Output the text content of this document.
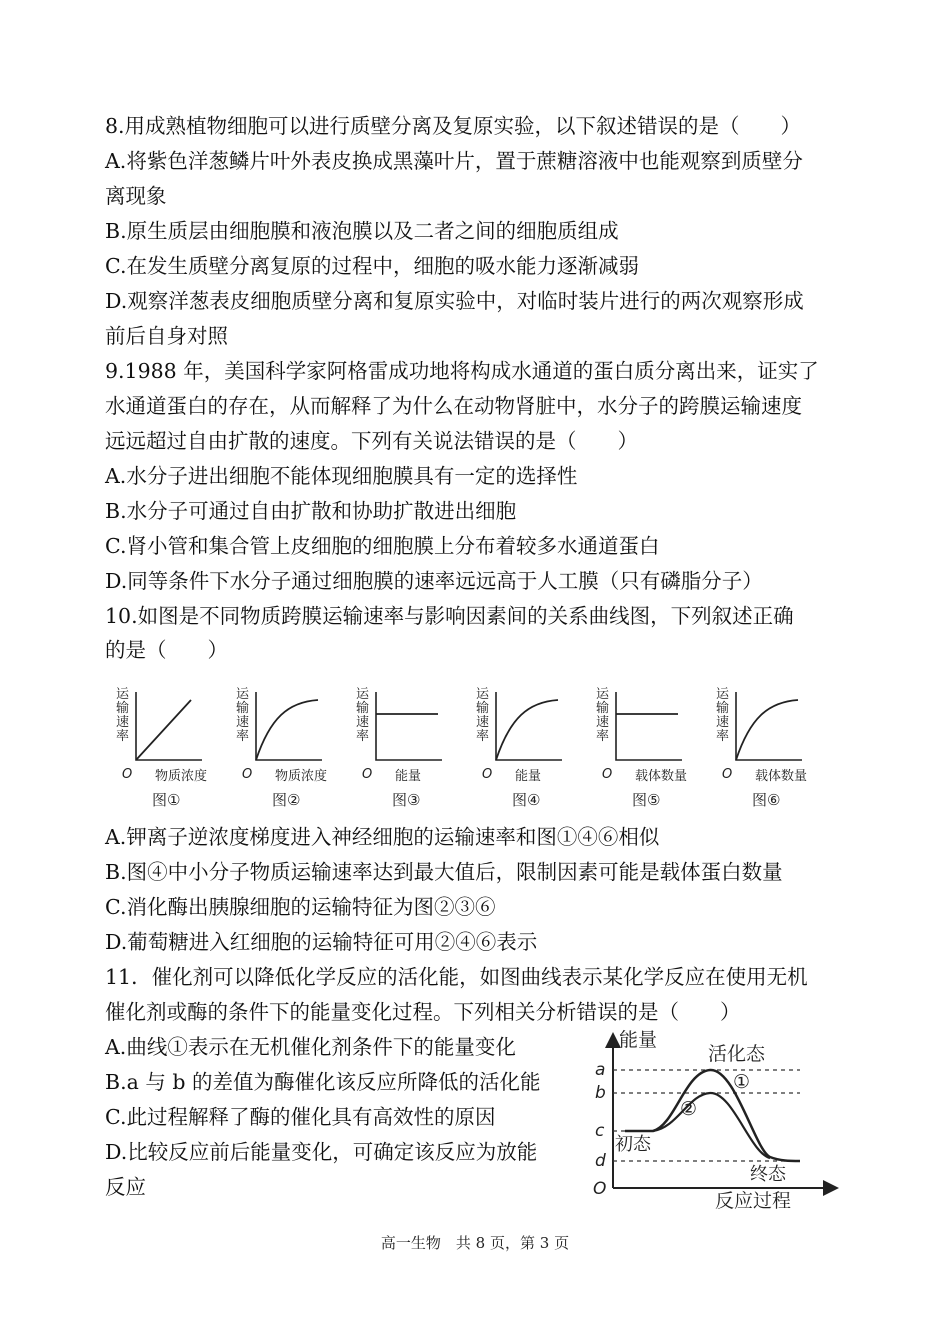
8.用成熟植物细胞可以进行质壁分离及复原实验，以下叙述错误的是（　　）
A.将紫色洋葱鳞片叶外表皮换成黑藻叶片，置于蔗糖溶液中也能观察到质壁分
离现象
B.原生质层由细胞膜和液泡膜以及二者之间的细胞质组成
C.在发生质壁分离复原的过程中，细胞的吸水能力逐渐减弱
D.观察洋葱表皮细胞质壁分离和复原实验中，对临时装片进行的两次观察形成
前后自身对照
9.1988 年，美国科学家阿格雷成功地将构成水通道的蛋白质分离出来，证实了
水通道蛋白的存在，从而解释了为什么在动物肾脏中，水分子的跨膜运输速度
远远超过自由扩散的速度。下列有关说法错误的是（　　）
A.水分子进出细胞不能体现细胞膜具有一定的选择性
B.水分子可通过自由扩散和协助扩散进出细胞
C.肾小管和集合管上皮细胞的细胞膜上分布着较多水通道蛋白
D.同等条件下水分子通过细胞膜的速率远远高于人工膜（只有磷脂分子）
10.如图是不同物质跨膜运输速率与影响因素间的关系曲线图，下列叙述正确
的是（　　）
运
输
速
率
O 物质浓度
图①
运
输
速
率
O 物质浓度
图②
运
输
速
率
O 能量
图③
运
输
速
率
O 能量
图④
运
输
速
率
O 载体数量
图⑤
运
输
速
率
O 载体数量
图⑥
A.钾离子逆浓度梯度进入神经细胞的运输速率和图①④⑥相似
B.图④中小分子物质运输速率达到最大值后，限制因素可能是载体蛋白数量
C.消化酶出胰腺细胞的运输特征为图②③⑥
D.葡萄糖进入红细胞的运输特征可用②④⑥表示
11．催化剂可以降低化学反应的活化能，如图曲线表示某化学反应在使用无机
催化剂或酶的条件下的能量变化过程。下列相关分析错误的是（　　）
A.曲线①表示在无机催化剂条件下的能量变化
B.a 与 b 的差值为酶催化该反应所降低的活化能
C.此过程解释了酶的催化具有高效性的原因
D.比较反应前后能量变化，可确定该反应为放能
反应
能量
反应过程
O
a
b
c
d
活化态
①
②
初态
终态
高一生物　共 8 页，第 3 页
